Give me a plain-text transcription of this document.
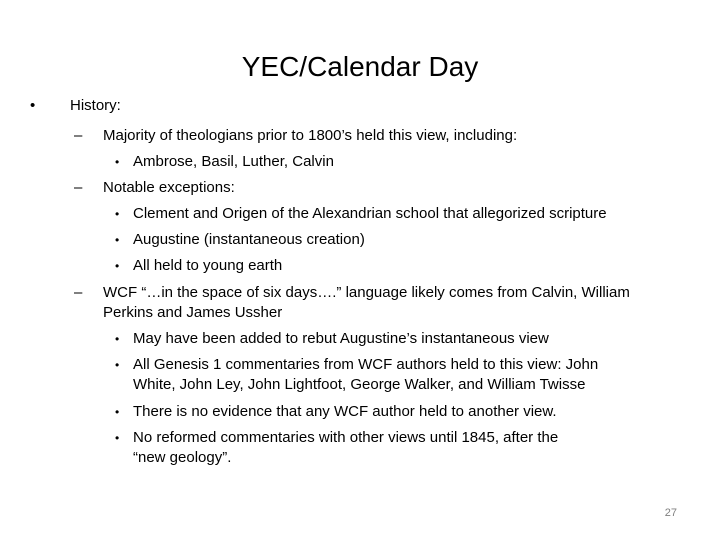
YEC/Calendar Day
• History:
– Majority of theologians prior to 1800’s held this view, including:
• Ambrose, Basil, Luther, Calvin
– Notable exceptions:
• Clement and Origen of the Alexandrian school that allegorized scripture
• Augustine (instantaneous creation)
• All held to young earth
– WCF “…in the space of six days….” language likely comes from Calvin, William
Perkins and James Ussher
• May have been added to rebut Augustine’s instantaneous view
• All Genesis 1 commentaries from WCF authors held to this view: John
White, John Ley, John Lightfoot, George Walker, and William Twisse
• There is no evidence that any WCF author held to another view.
• No reformed commentaries with other views until 1845, after the
“new geology”.
27
